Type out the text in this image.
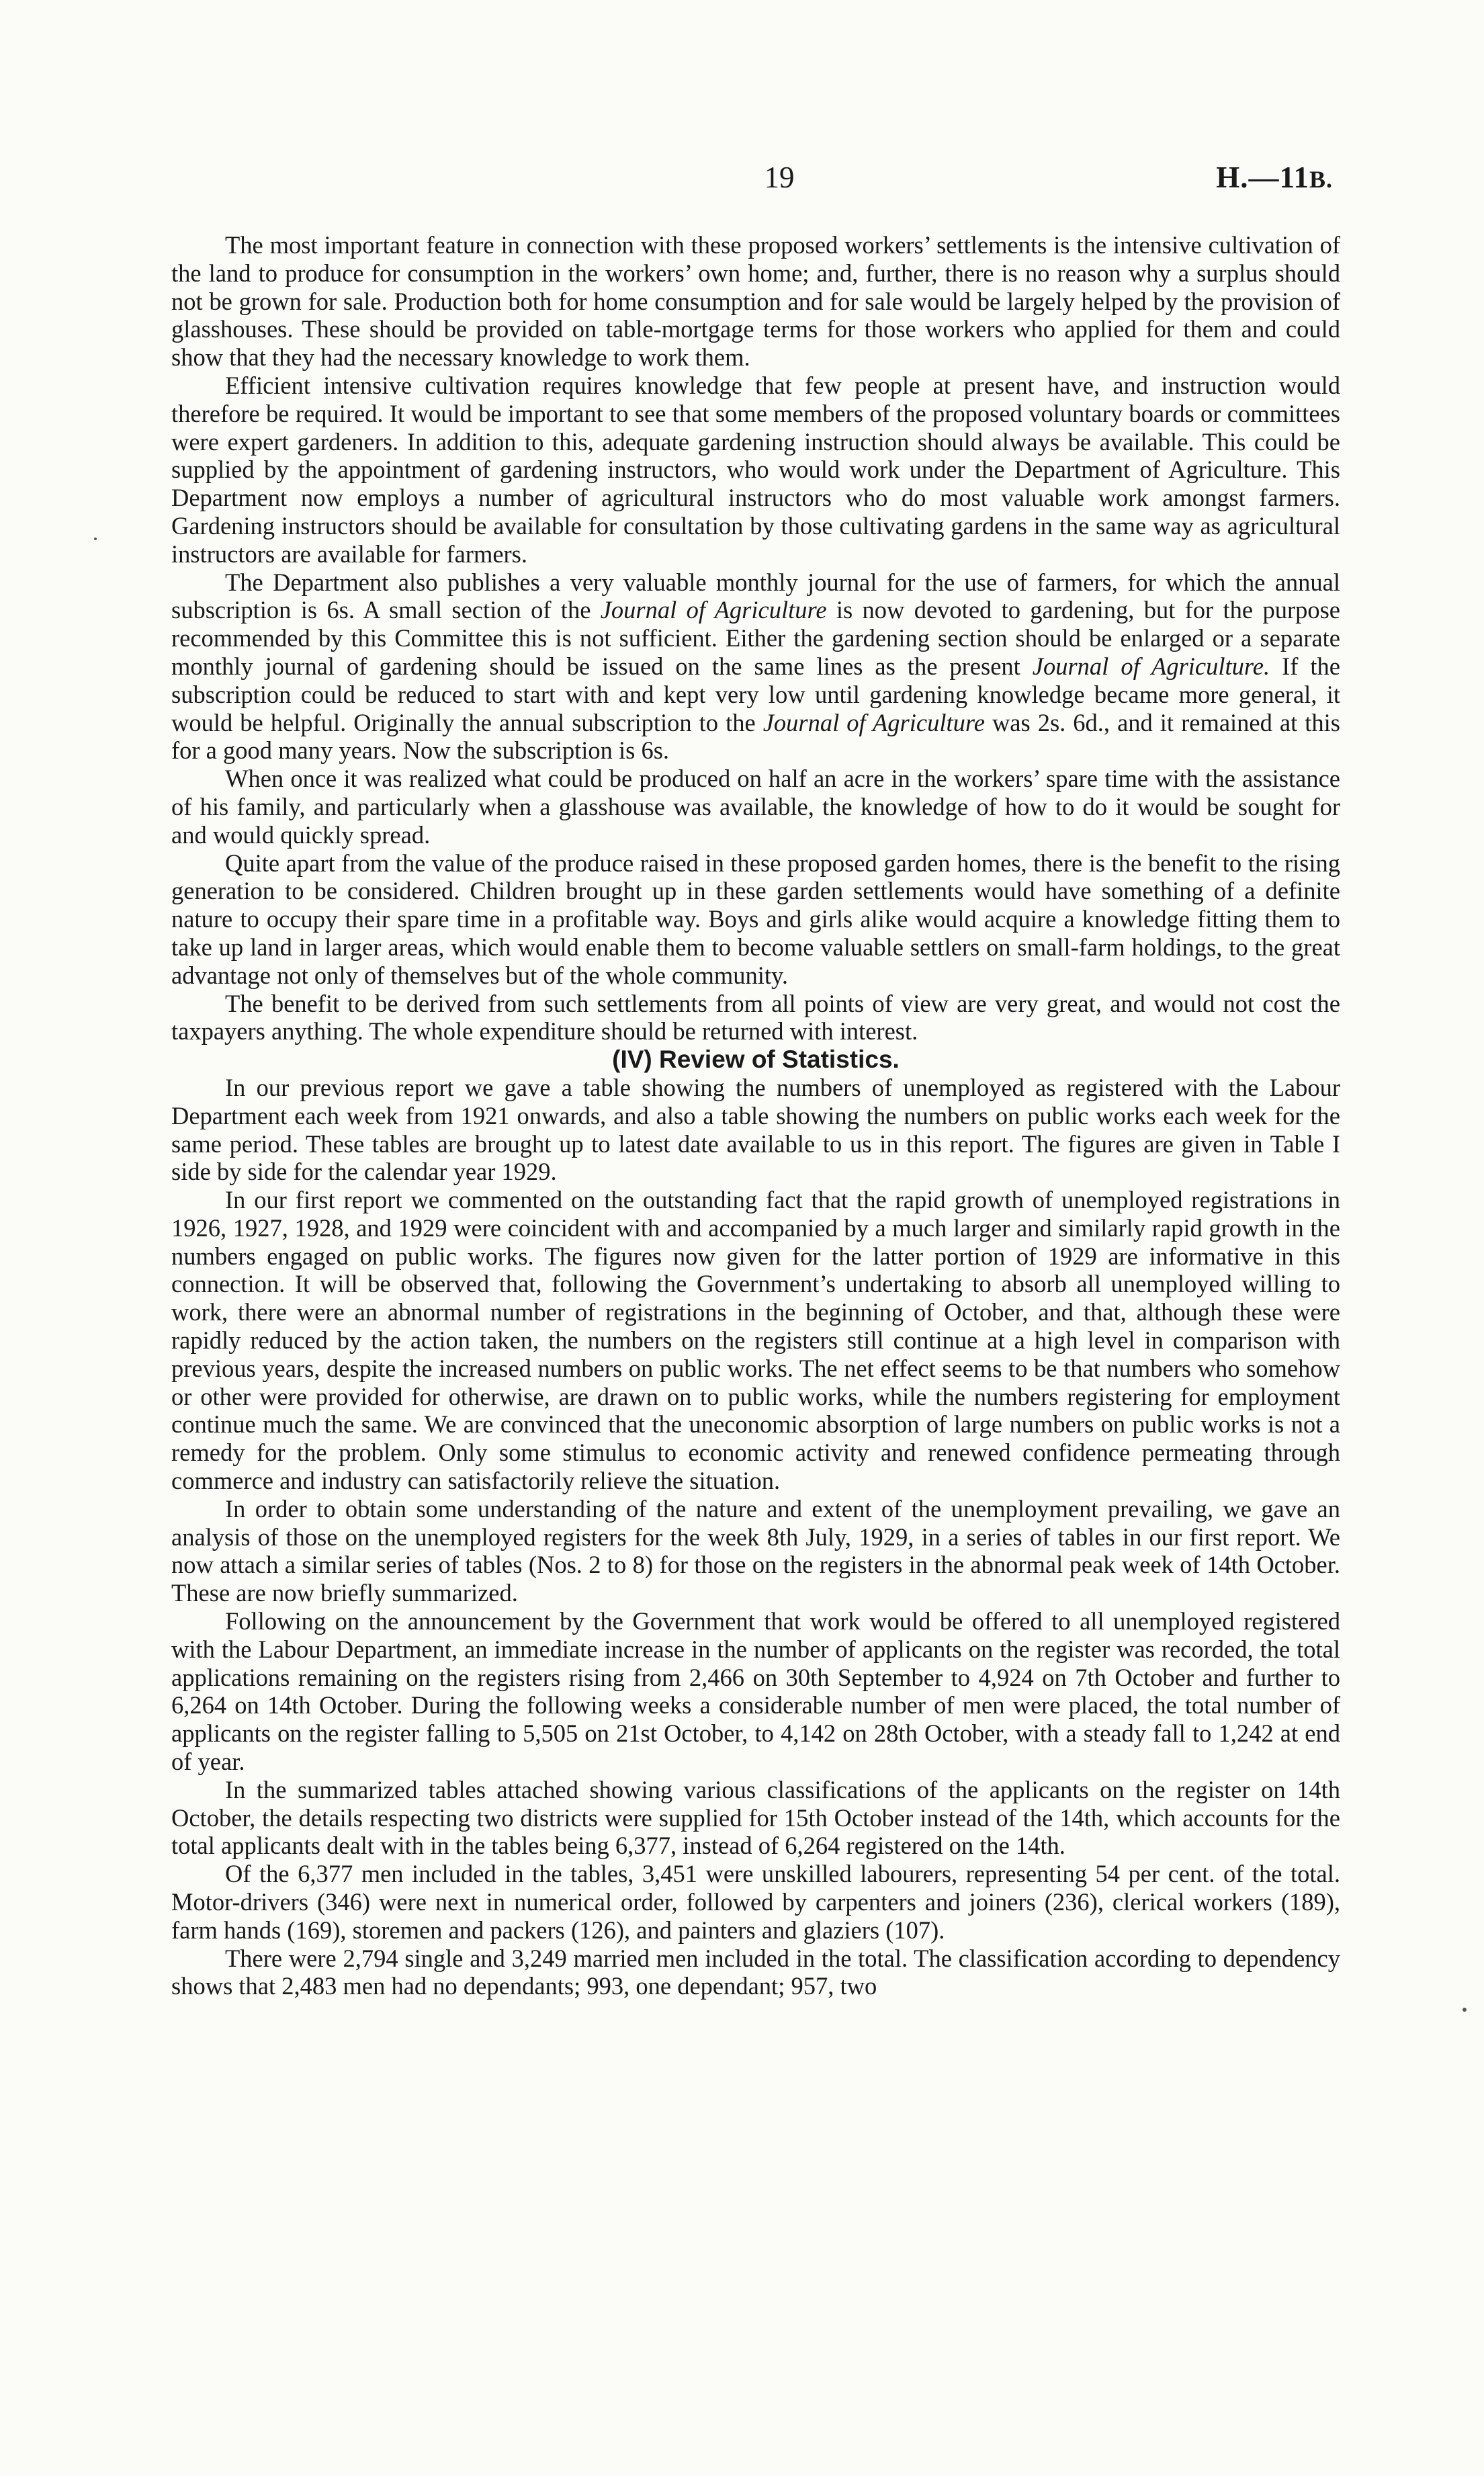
19	H.—11B.

The most important feature in connection with these proposed workers’ settlements is the intensive cultivation of the land to produce for consumption in the workers’ own home; and, further, there is no reason why a surplus should not be grown for sale. Production both for home consumption and for sale would be largely helped by the provision of glasshouses. These should be provided on table-mortgage terms for those workers who applied for them and could show that they had the necessary knowledge to work them.

Efficient intensive cultivation requires knowledge that few people at present have, and instruction would therefore be required. It would be important to see that some members of the proposed voluntary boards or committees were expert gardeners. In addition to this, adequate gardening instruction should always be available. This could be supplied by the appointment of gardening instructors, who would work under the Department of Agriculture. This Department now employs a number of agricultural instructors who do most valuable work amongst farmers. Gardening instructors should be available for consultation by those cultivating gardens in the same way as agricultural instructors are available for farmers.

The Department also publishes a very valuable monthly journal for the use of farmers, for which the annual subscription is 6s. A small section of the Journal of Agriculture is now devoted to gardening, but for the purpose recommended by this Committee this is not sufficient. Either the gardening section should be enlarged or a separate monthly journal of gardening should be issued on the same lines as the present Journal of Agriculture. If the subscription could be reduced to start with and kept very low until gardening knowledge became more general, it would be helpful. Originally the annual subscription to the Journal of Agriculture was 2s. 6d., and it remained at this for a good many years. Now the subscription is 6s.

When once it was realized what could be produced on half an acre in the workers’ spare time with the assistance of his family, and particularly when a glasshouse was available, the knowledge of how to do it would be sought for and would quickly spread.

Quite apart from the value of the produce raised in these proposed garden homes, there is the benefit to the rising generation to be considered. Children brought up in these garden settlements would have something of a definite nature to occupy their spare time in a profitable way. Boys and girls alike would acquire a knowledge fitting them to take up land in larger areas, which would enable them to become valuable settlers on small-farm holdings, to the great advantage not only of themselves but of the whole community.

The benefit to be derived from such settlements from all points of view are very great, and would not cost the taxpayers anything. The whole expenditure should be returned with interest.

(IV) Review of Statistics.

In our previous report we gave a table showing the numbers of unemployed as registered with the Labour Department each week from 1921 onwards, and also a table showing the numbers on public works each week for the same period. These tables are brought up to latest date available to us in this report. The figures are given in Table I side by side for the calendar year 1929.

In our first report we commented on the outstanding fact that the rapid growth of unemployed registrations in 1926, 1927, 1928, and 1929 were coincident with and accompanied by a much larger and similarly rapid growth in the numbers engaged on public works. The figures now given for the latter portion of 1929 are informative in this connection. It will be observed that, following the Government’s undertaking to absorb all unemployed willing to work, there were an abnormal number of registrations in the beginning of October, and that, although these were rapidly reduced by the action taken, the numbers on the registers still continue at a high level in comparison with previous years, despite the increased numbers on public works. The net effect seems to be that numbers who somehow or other were provided for otherwise, are drawn on to public works, while the numbers registering for employment continue much the same. We are convinced that the uneconomic absorption of large numbers on public works is not a remedy for the problem. Only some stimulus to economic activity and renewed confidence permeating through commerce and industry can satisfactorily relieve the situation.

In order to obtain some understanding of the nature and extent of the unemployment prevailing, we gave an analysis of those on the unemployed registers for the week 8th July, 1929, in a series of tables in our first report. We now attach a similar series of tables (Nos. 2 to 8) for those on the registers in the abnormal peak week of 14th October. These are now briefly summarized.

Following on the announcement by the Government that work would be offered to all unemployed registered with the Labour Department, an immediate increase in the number of applicants on the register was recorded, the total applications remaining on the registers rising from 2,466 on 30th September to 4,924 on 7th October and further to 6,264 on 14th October. During the following weeks a considerable number of men were placed, the total number of applicants on the register falling to 5,505 on 21st October, to 4,142 on 28th October, with a steady fall to 1,242 at end of year.

In the summarized tables attached showing various classifications of the applicants on the register on 14th October, the details respecting two districts were supplied for 15th October instead of the 14th, which accounts for the total applicants dealt with in the tables being 6,377, instead of 6,264 registered on the 14th.

Of the 6,377 men included in the tables, 3,451 were unskilled labourers, representing 54 per cent. of the total. Motor-drivers (346) were next in numerical order, followed by carpenters and joiners (236), clerical workers (189), farm hands (169), storemen and packers (126), and painters and glaziers (107).

There were 2,794 single and 3,249 married men included in the total. The classification according to dependency shows that 2,483 men had no dependants; 993, one dependant; 957, two
